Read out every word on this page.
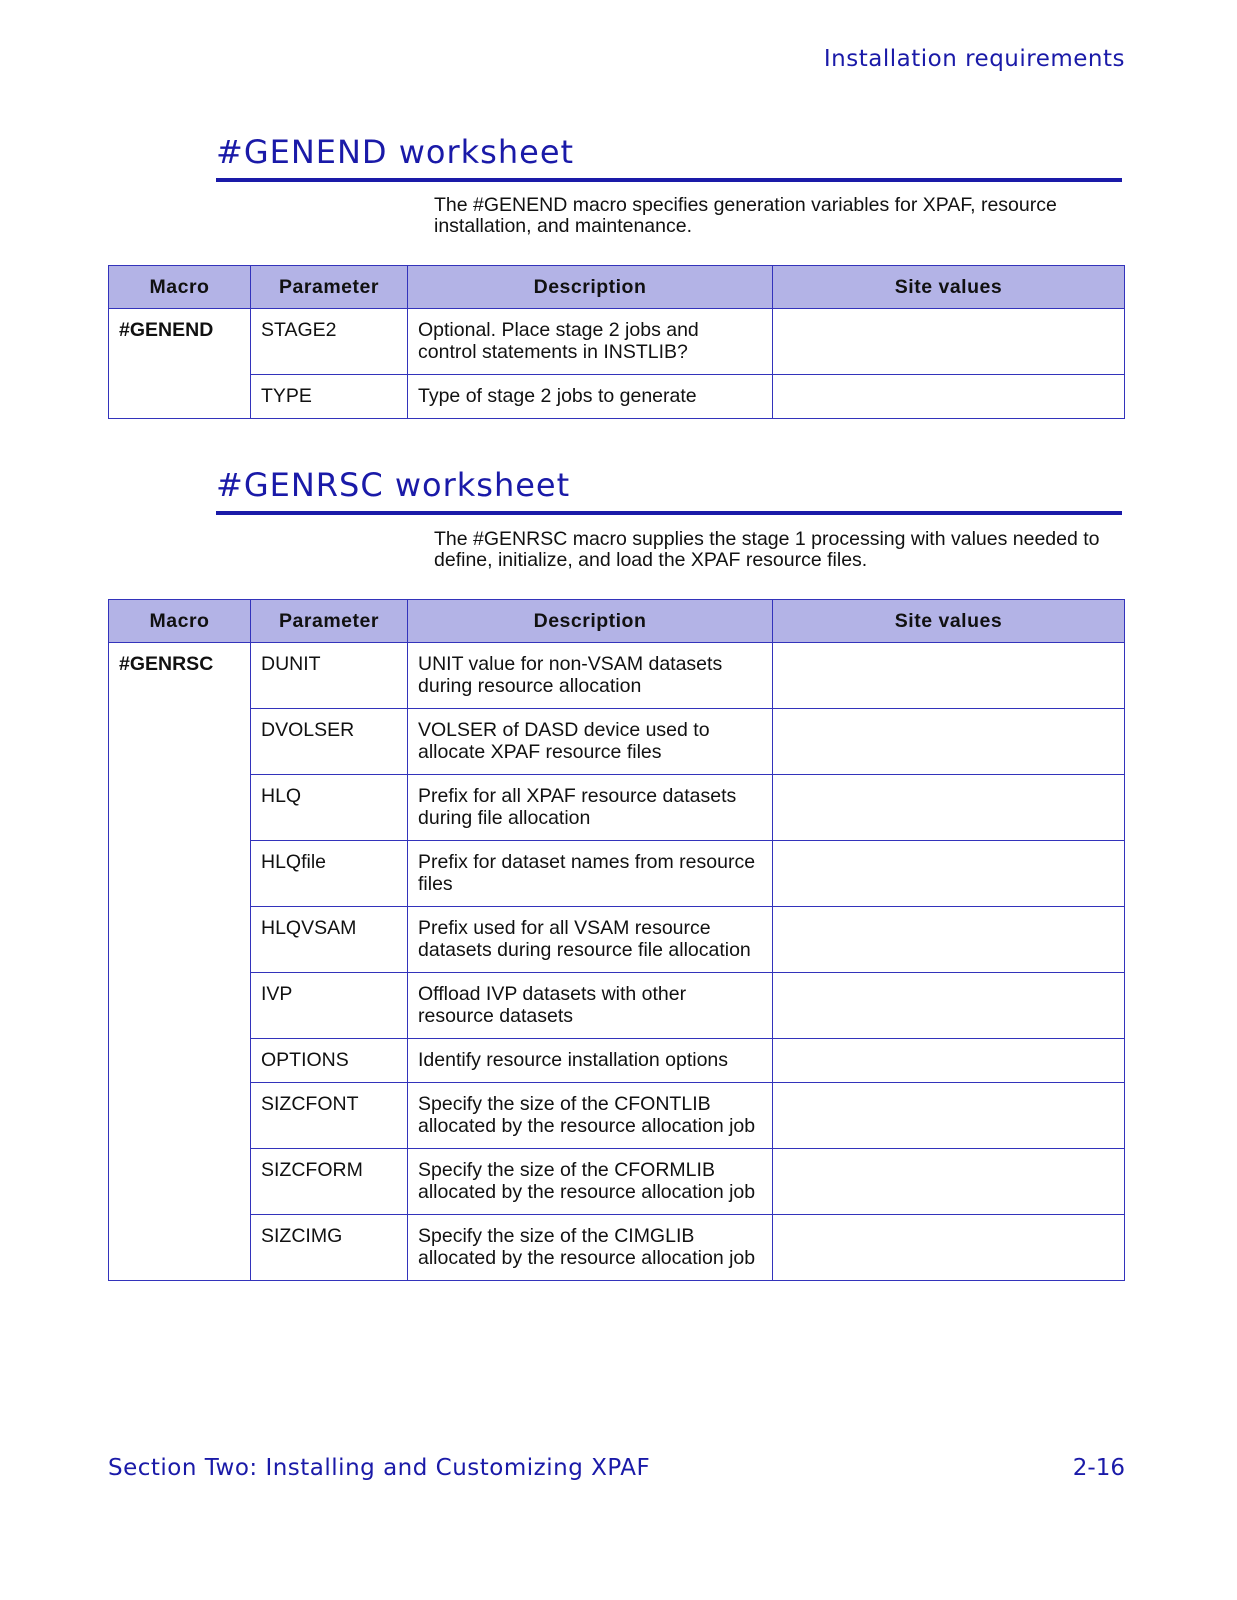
Installation requirements
#GENEND worksheet
The #GENEND macro specifies generation variables for XPAF, resource installation, and maintenance.
Macro	Parameter	Description	Site values
#GENEND	STAGE2	Optional. Place stage 2 jobs and control statements in INSTLIB?	
	TYPE	Type of stage 2 jobs to generate	
#GENRSC worksheet
The #GENRSC macro supplies the stage 1 processing with values needed to define, initialize, and load the XPAF resource files.
Macro	Parameter	Description	Site values
#GENRSC	DUNIT	UNIT value for non-VSAM datasets during resource allocation	
	DVOLSER	VOLSER of DASD device used to allocate XPAF resource files	
	HLQ	Prefix for all XPAF resource datasets during file allocation	
	HLQfile	Prefix for dataset names from resource files	
	HLQVSAM	Prefix used for all VSAM resource datasets during resource file allocation	
	IVP	Offload IVP datasets with other resource datasets	
	OPTIONS	Identify resource installation options	
	SIZCFONT	Specify the size of the CFONTLIB allocated by the resource allocation job	
	SIZCFORM	Specify the size of the CFORMLIB allocated by the resource allocation job	
	SIZCIMG	Specify the size of the CIMGLIB allocated by the resource allocation job	
Section Two: Installing and Customizing XPAF	2-16
